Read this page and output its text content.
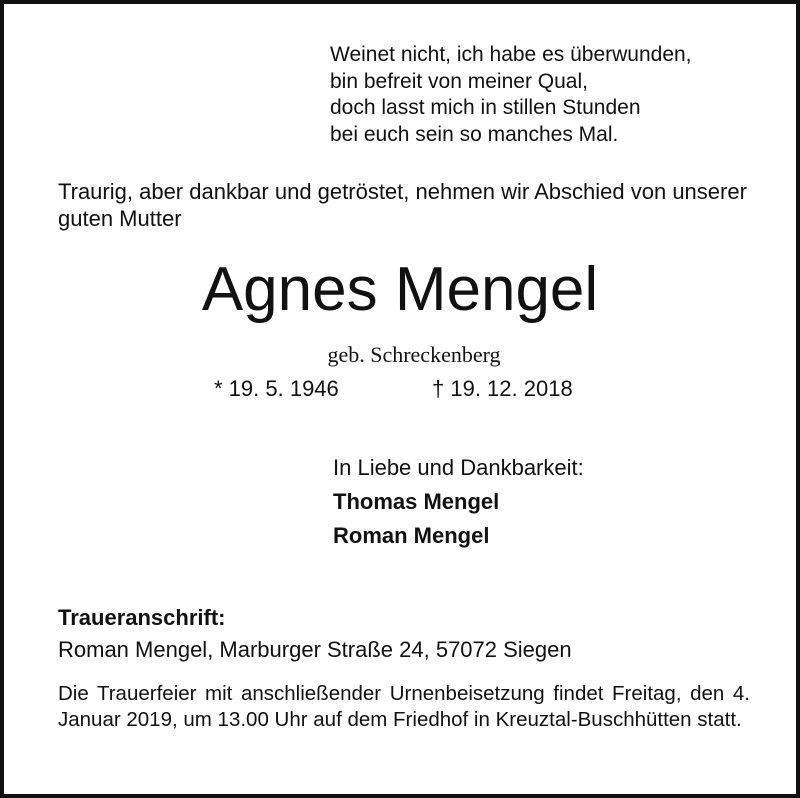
Weinet nicht, ich habe es überwunden,
bin befreit von meiner Qual,
doch lasst mich in stillen Stunden
bei euch sein so manches Mal.

Traurig, aber dankbar und getröstet, nehmen wir Abschied von unserer guten Mutter

Agnes Mengel
geb. Schreckenberg
* 19. 5. 1946	† 19. 12. 2018
In Liebe und Dankbarkeit:
Thomas Mengel
Roman Mengel
Traueranschrift:
Roman Mengel, Marburger Straße 24, 57072 Siegen

Die Trauerfeier mit anschließender Urnenbeisetzung findet Freitag, den 4. Januar 2019, um 13.00 Uhr auf dem Friedhof in Kreuztal-Buschhütten statt.
